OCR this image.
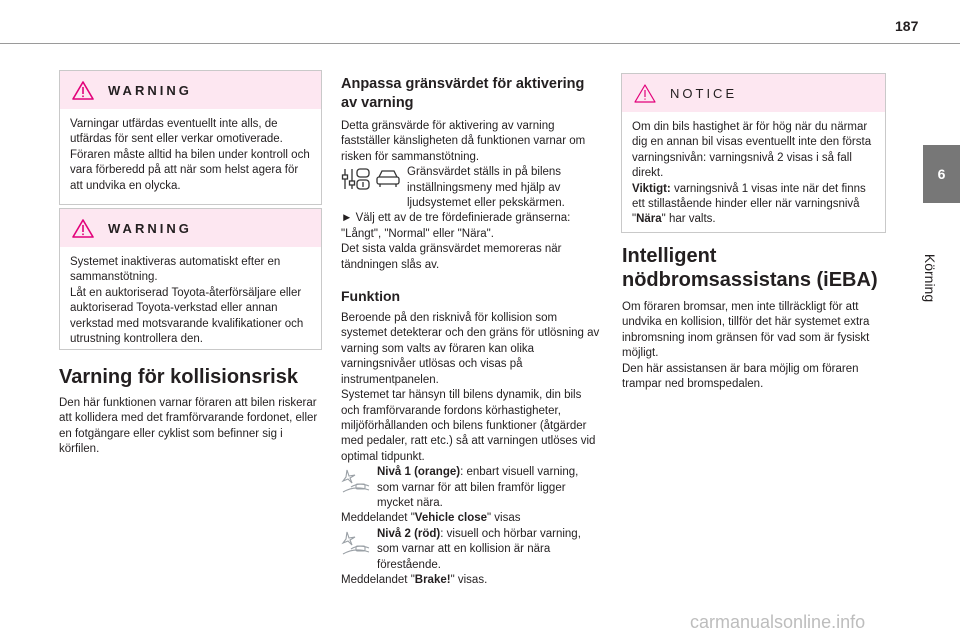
187
6
Körning
WARNING

Varningar utfärdas eventuellt inte alls, de utfärdas för sent eller verkar omotiverade. Föraren måste alltid ha bilen under kontroll och vara förberedd på att när som helst agera för att undvika en olycka.

WARNING

Systemet inaktiveras automatiskt efter en sammanstötning.

Låt en auktoriserad Toyota-återförsäljare eller auktoriserad Toyota-verkstad eller annan verkstad med motsvarande kvalifikationer och utrustning kontrollera den.

Varning för kollisionsrisk

Den här funktionen varnar föraren att bilen riskerar att kollidera med det framförvarande fordonet, eller en fotgängare eller cyklist som befinner sig i körfilen.

Anpassa gränsvärdet för aktivering av varning

Detta gränsvärde för aktivering av varning fastställer känsligheten då funktionen varnar om risken för sammanstötning.

Gränsvärdet ställs in på bilens inställningsmeny med hjälp av ljudsystemet eller pekskärmen.

► Välj ett av de tre fördefinierade gränserna: "Långt", "Normal" eller "Nära".

Det sista valda gränsvärdet memoreras när tändningen slås av.

Funktion

Beroende på den risknivå för kollision som systemet detekterar och den gräns för utlösning av varning som valts av föraren kan olika varningsnivåer utlösas och visas på instrumentpanelen.

Systemet tar hänsyn till bilens dynamik, din bils och framförvarande fordons körhastigheter, miljöförhållanden och bilens funktioner (åtgärder med pedaler, ratt etc.) så att varningen utlöses vid optimal tidpunkt.

Nivå 1 (orange): enbart visuell varning, som varnar för att bilen framför ligger mycket nära.

Meddelandet "Vehicle close" visas

Nivå 2 (röd): visuell och hörbar varning, som varnar att en kollision är nära förestående.

Meddelandet "Brake!" visas.

NOTICE

Om din bils hastighet är för hög när du närmar dig en annan bil visas eventuellt inte den första varningsnivån: varningsnivå 2 visas i så fall direkt.

Viktigt: varningsnivå 1 visas inte när det finns ett stillastående hinder eller när varningsnivå "Nära" har valts.

Intelligent nödbromsassistans (iEBA)

Om föraren bromsar, men inte tillräckligt för att undvika en kollision, tillför det här systemet extra inbromsning inom gränsen för vad som är fysiskt möjligt.

Den här assistansen är bara möjlig om föraren trampar ned bromspedalen.

carmanualsonline.info
